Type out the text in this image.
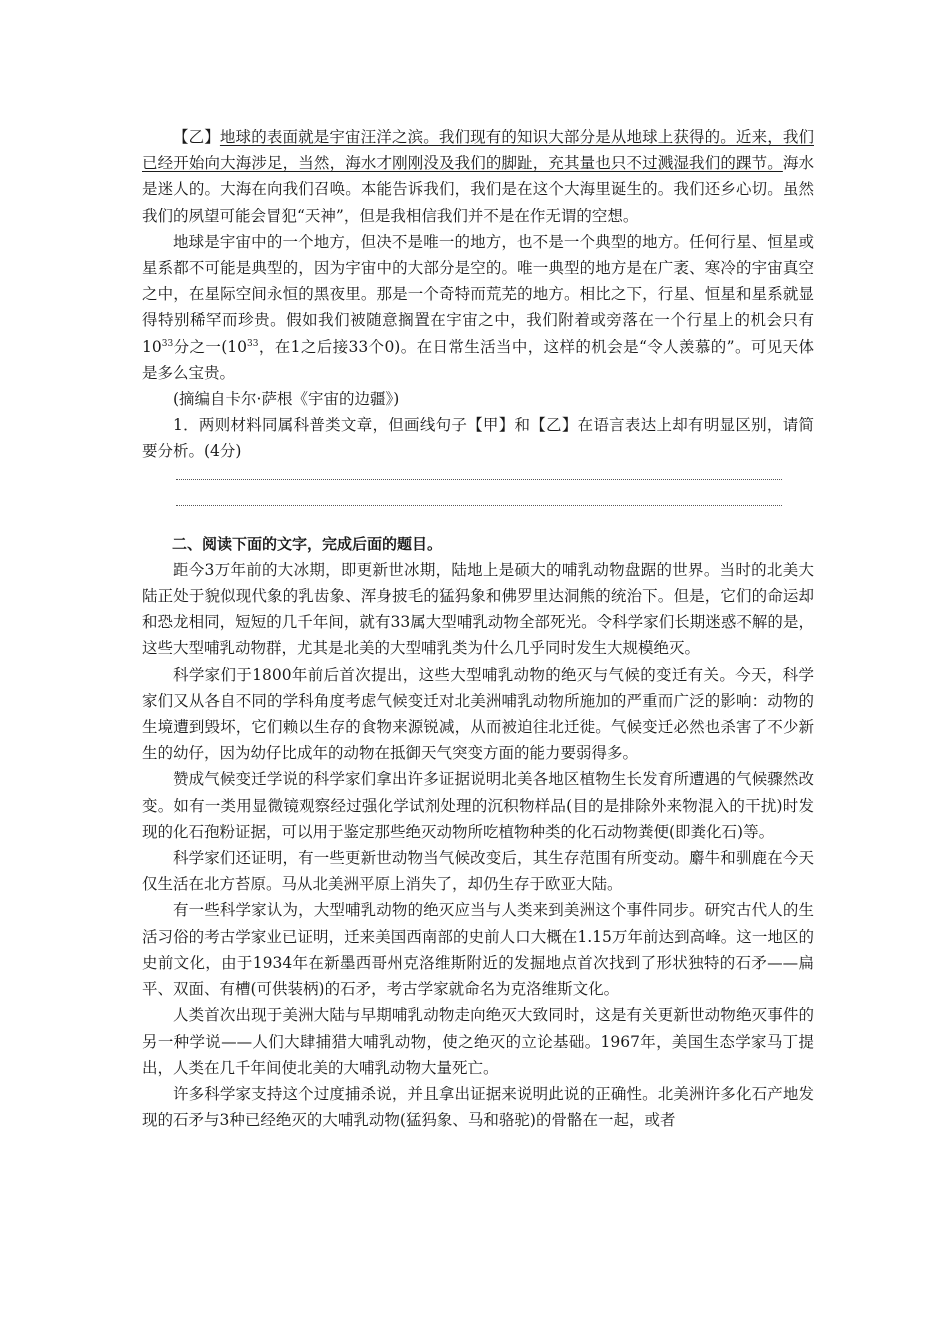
【乙】地球的表面就是宇宙汪洋之滨。我们现有的知识大部分是从地球上获得的。近来，我们已经开始向大海涉足，当然，海水才刚刚没及我们的脚趾，充其量也只不过溅湿我们的踝节。海水是迷人的。大海在向我们召唤。本能告诉我们，我们是在这个大海里诞生的。我们还乡心切。虽然我们的夙望可能会冒犯“天神”，但是我相信我们并不是在作无谓的空想。

地球是宇宙中的一个地方，但决不是唯一的地方，也不是一个典型的地方。任何行星、恒星或星系都不可能是典型的，因为宇宙中的大部分是空的。唯一典型的地方是在广袤、寒冷的宇宙真空之中，在星际空间永恒的黑夜里。那是一个奇特而荒芜的地方。相比之下，行星、恒星和星系就显得特别稀罕而珍贵。假如我们被随意搁置在宇宙之中，我们附着或旁落在一个行星上的机会只有$10^{33}$分之一($10^{33}$，在1之后接33个0)。在日常生活当中，这样的机会是“令人羡慕的”。可见天体是多么宝贵。

(摘编自卡尔·萨根《宇宙的边疆》)

1．两则材料同属科普类文章，但画线句子【甲】和【乙】在语言表达上却有明显区别，请简要分析。(4分)

二、阅读下面的文字，完成后面的题目。

距今3万年前的大冰期，即更新世冰期，陆地上是硕大的哺乳动物盘踞的世界。当时的北美大陆正处于貌似现代象的乳齿象、浑身披毛的猛犸象和佛罗里达洞熊的统治下。但是，它们的命运却和恐龙相同，短短的几千年间，就有33属大型哺乳动物全部死光。令科学家们长期迷惑不解的是，这些大型哺乳动物群，尤其是北美的大型哺乳类为什么几乎同时发生大规模绝灭。

科学家们于1800年前后首次提出，这些大型哺乳动物的绝灭与气候的变迁有关。今天，科学家们又从各自不同的学科角度考虑气候变迁对北美洲哺乳动物所施加的严重而广泛的影响：动物的生境遭到毁坏，它们赖以生存的食物来源锐减，从而被迫往北迁徙。气候变迁必然也杀害了不少新生的幼仔，因为幼仔比成年的动物在抵御天气突变方面的能力要弱得多。

赞成气候变迁学说的科学家们拿出许多证据说明北美各地区植物生长发育所遭遇的气候骤然改变。如有一类用显微镜观察经过强化学试剂处理的沉积物样品(目的是排除外来物混入的干扰)时发现的化石孢粉证据，可以用于鉴定那些绝灭动物所吃植物种类的化石动物粪便(即粪化石)等。

科学家们还证明，有一些更新世动物当气候改变后，其生存范围有所变动。麝牛和驯鹿在今天仅生活在北方苔原。马从北美洲平原上消失了，却仍生存于欧亚大陆。

有一些科学家认为，大型哺乳动物的绝灭应当与人类来到美洲这个事件同步。研究古代人的生活习俗的考古学家业已证明，迁来美国西南部的史前人口大概在1.15万年前达到高峰。这一地区的史前文化，由于1934年在新墨西哥州克洛维斯附近的发掘地点首次找到了形状独特的石矛——扁平、双面、有槽(可供装柄)的石矛，考古学家就命名为克洛维斯文化。

人类首次出现于美洲大陆与早期哺乳动物走向绝灭大致同时，这是有关更新世动物绝灭事件的另一种学说——人们大肆捕猎大哺乳动物，使之绝灭的立论基础。1967年，美国生态学家马丁提出，人类在几千年间使北美的大哺乳动物大量死亡。

许多科学家支持这个过度捕杀说，并且拿出证据来说明此说的正确性。北美洲许多化石产地发现的石矛与3种已经绝灭的大哺乳动物(猛犸象、马和骆驼)的骨骼在一起，或者
